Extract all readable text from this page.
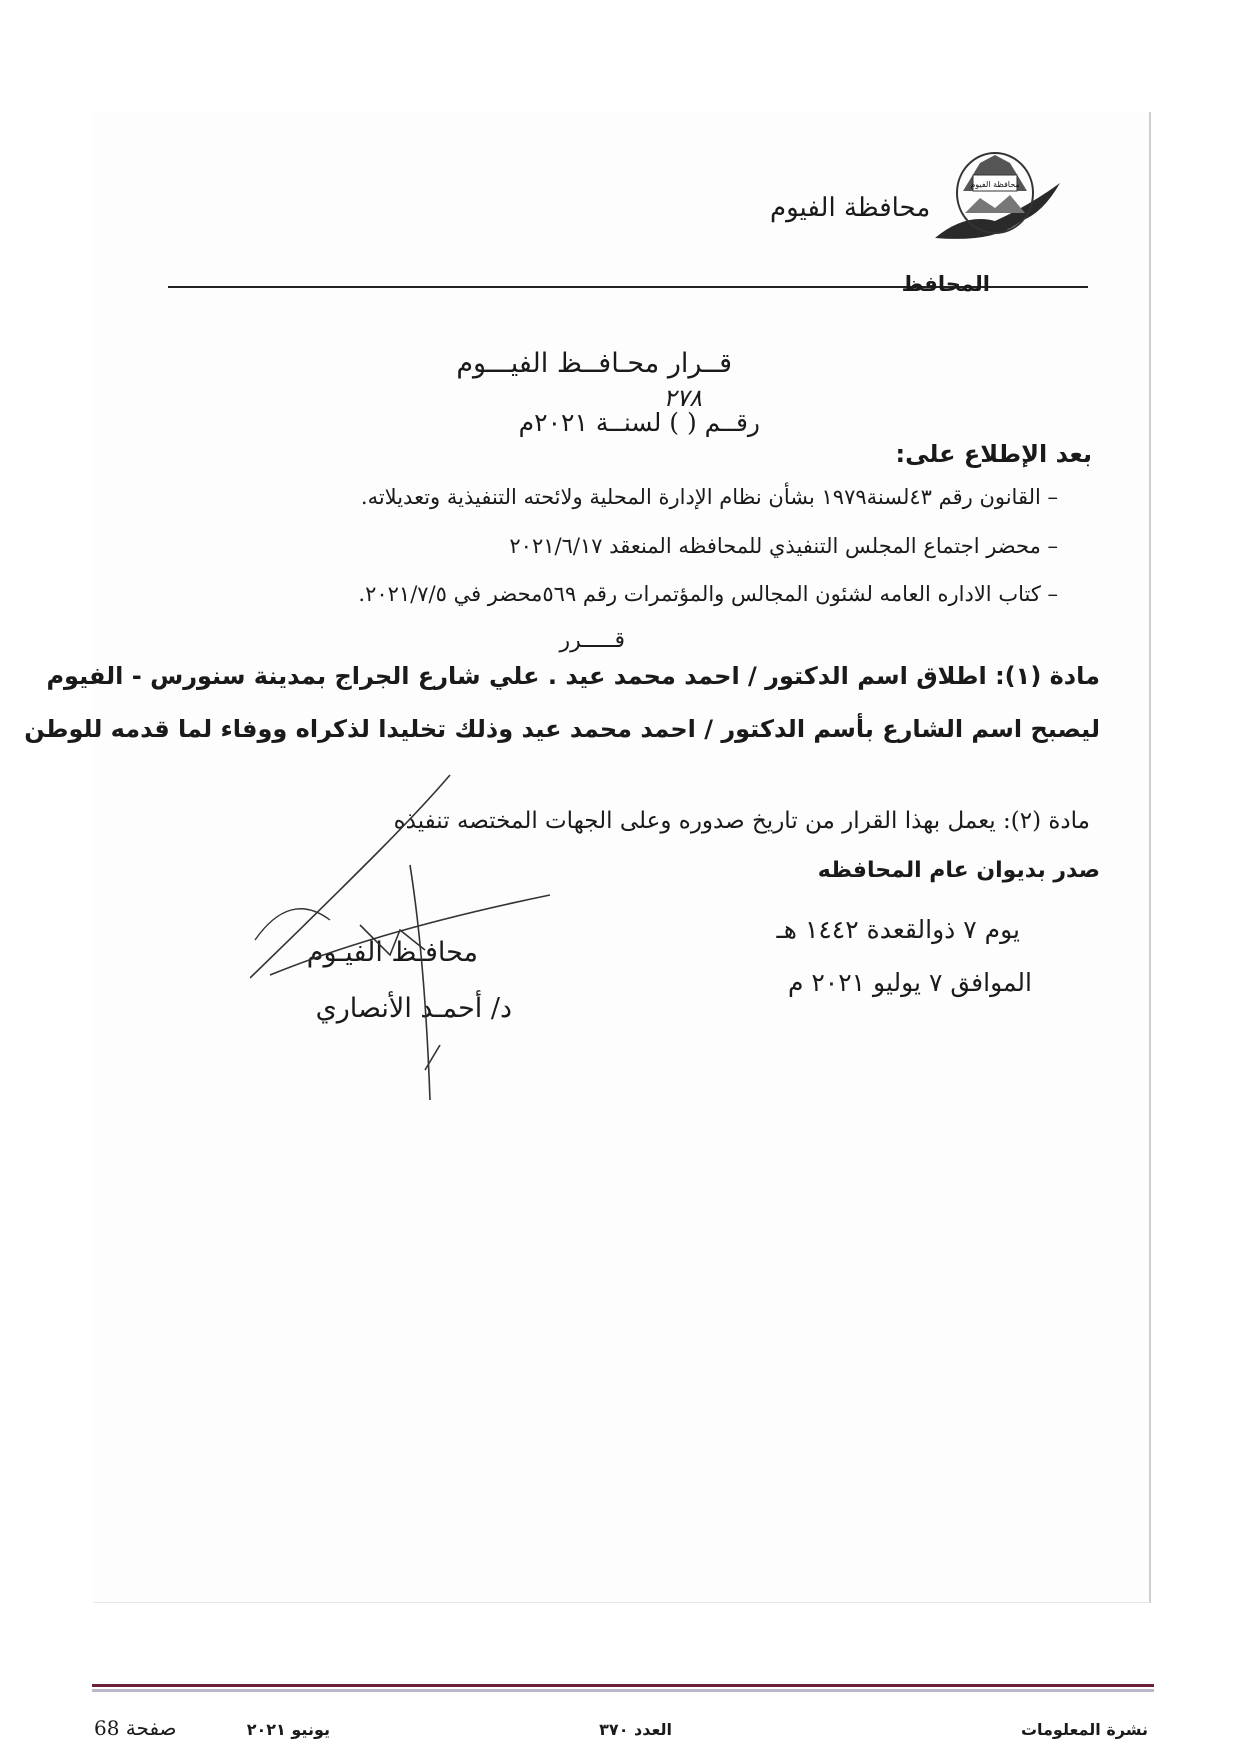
محافظة الفيوم
محافظة الفيوم
المحافظ
قــرار محـافــظ الفيـــوم
٢٧٨
رقــم ( ) لسنــة ٢٠٢١م
بعد الإطلاع على:
– القانون رقم ٤٣لسنة١٩٧٩ بشأن نظام الإدارة المحلية ولائحته التنفيذية وتعديلاته.
– محضر اجتماع المجلس التنفيذي للمحافظه المنعقد ٢٠٢١/٦/١٧
– كتاب الاداره العامه لشئون المجالس والمؤتمرات رقم ٥٦٩محضر في ٢٠٢١/٧/٥.
قـــــرر
مادة (١): اطلاق اسم الدكتور / احمد محمد عيد . علي شارع الجراج بمدينة سنورس - الفيوم
ليصبح اسم الشارع بأسم الدكتور / احمد محمد عيد وذلك تخليدا لذكراه ووفاء لما قدمه للوطن
مادة (٢): يعمل بهذا القرار من تاريخ صدوره وعلى الجهات المختصه تنفيذه
صدر بديوان عام المحافظه
يوم ٧ ذوالقعدة ١٤٤٢ هـ
الموافق ٧ يوليو ٢٠٢١ م
محافـظ الفيـوم
د/ أحمـد الأنصاري
نشرة المعلومات
العدد ٣٧٠
يونيو ٢٠٢١
صفحة 68
